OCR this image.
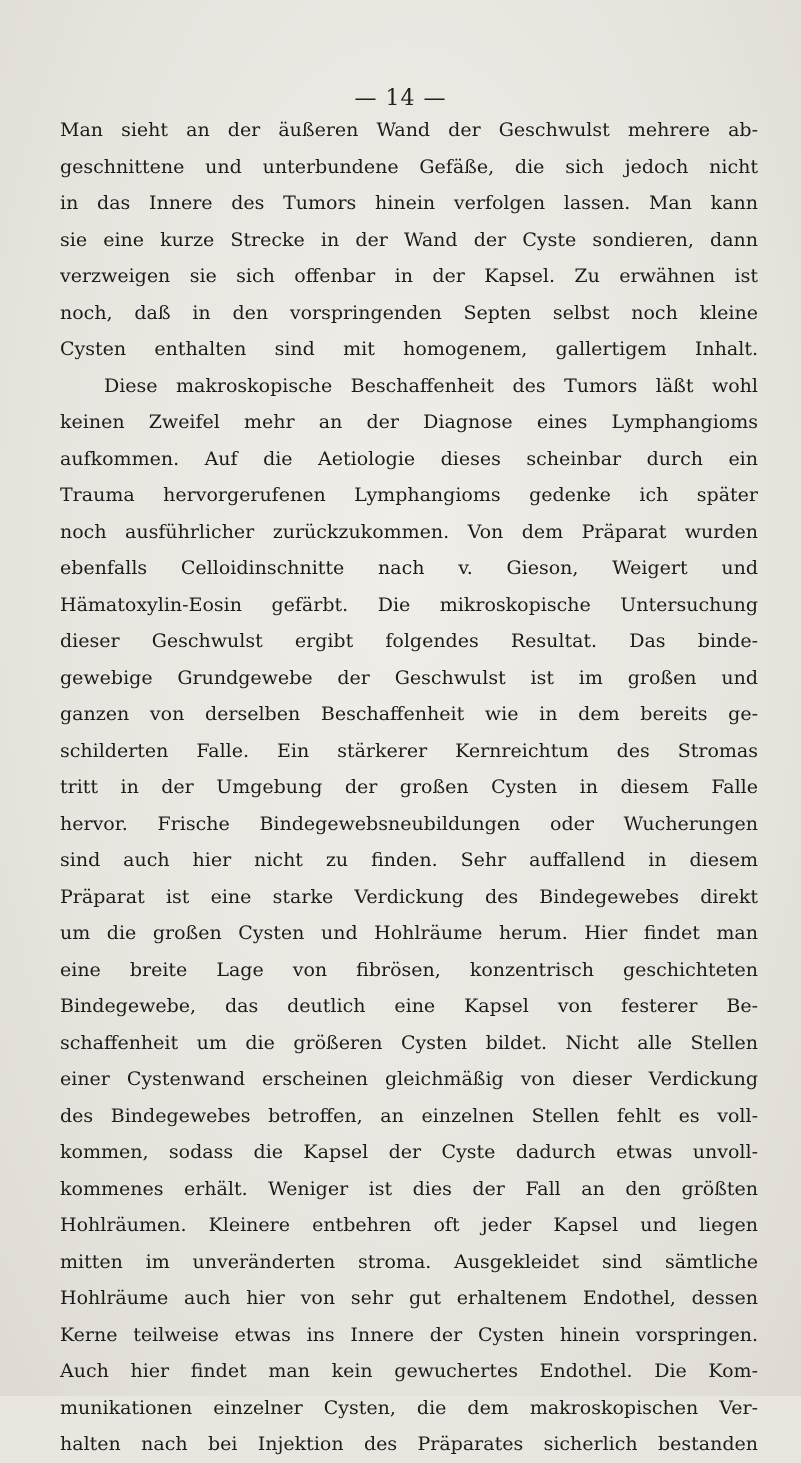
— 14 —
Man sieht an der äußeren Wand der Geschwulst mehrere ab-
geschnittene und unterbundene Gefäße, die sich jedoch nicht
in das Innere des Tumors hinein verfolgen lassen. Man kann
sie eine kurze Strecke in der Wand der Cyste sondieren, dann
verzweigen sie sich offenbar in der Kapsel. Zu erwähnen ist
noch, daß in den vorspringenden Septen selbst noch kleine
Cysten enthalten sind mit homogenem, gallertigem Inhalt.
Diese makroskopische Beschaffenheit des Tumors läßt wohl
keinen Zweifel mehr an der Diagnose eines Lymphangioms
aufkommen. Auf die Aetiologie dieses scheinbar durch ein
Trauma hervorgerufenen Lymphangioms gedenke ich später
noch ausführlicher zurückzukommen. Von dem Präparat wurden
ebenfalls Celloidinschnitte nach v. Gieson, Weigert und
Hämatoxylin-Eosin gefärbt. Die mikroskopische Untersuchung
dieser Geschwulst ergibt folgendes Resultat. Das binde-
gewebige Grundgewebe der Geschwulst ist im großen und
ganzen von derselben Beschaffenheit wie in dem bereits ge-
schilderten Falle. Ein stärkerer Kernreichtum des Stromas
tritt in der Umgebung der großen Cysten in diesem Falle
hervor. Frische Bindegewebsneubildungen oder Wucherungen
sind auch hier nicht zu finden. Sehr auffallend in diesem
Präparat ist eine starke Verdickung des Bindegewebes direkt
um die großen Cysten und Hohlräume herum. Hier findet man
eine breite Lage von fibrösen, konzentrisch geschichteten
Bindegewebe, das deutlich eine Kapsel von festerer Be-
schaffenheit um die größeren Cysten bildet. Nicht alle Stellen
einer Cystenwand erscheinen gleichmäßig von dieser Verdickung
des Bindegewebes betroffen, an einzelnen Stellen fehlt es voll-
kommen, sodass die Kapsel der Cyste dadurch etwas unvoll-
kommenes erhält. Weniger ist dies der Fall an den größten
Hohlräumen. Kleinere entbehren oft jeder Kapsel und liegen
mitten im unveränderten stroma. Ausgekleidet sind sämtliche
Hohlräume auch hier von sehr gut erhaltenem Endothel, dessen
Kerne teilweise etwas ins Innere der Cysten hinein vorspringen.
Auch hier findet man kein gewuchertes Endothel. Die Kom-
munikationen einzelner Cysten, die dem makroskopischen Ver-
halten nach bei Injektion des Präparates sicherlich bestanden
